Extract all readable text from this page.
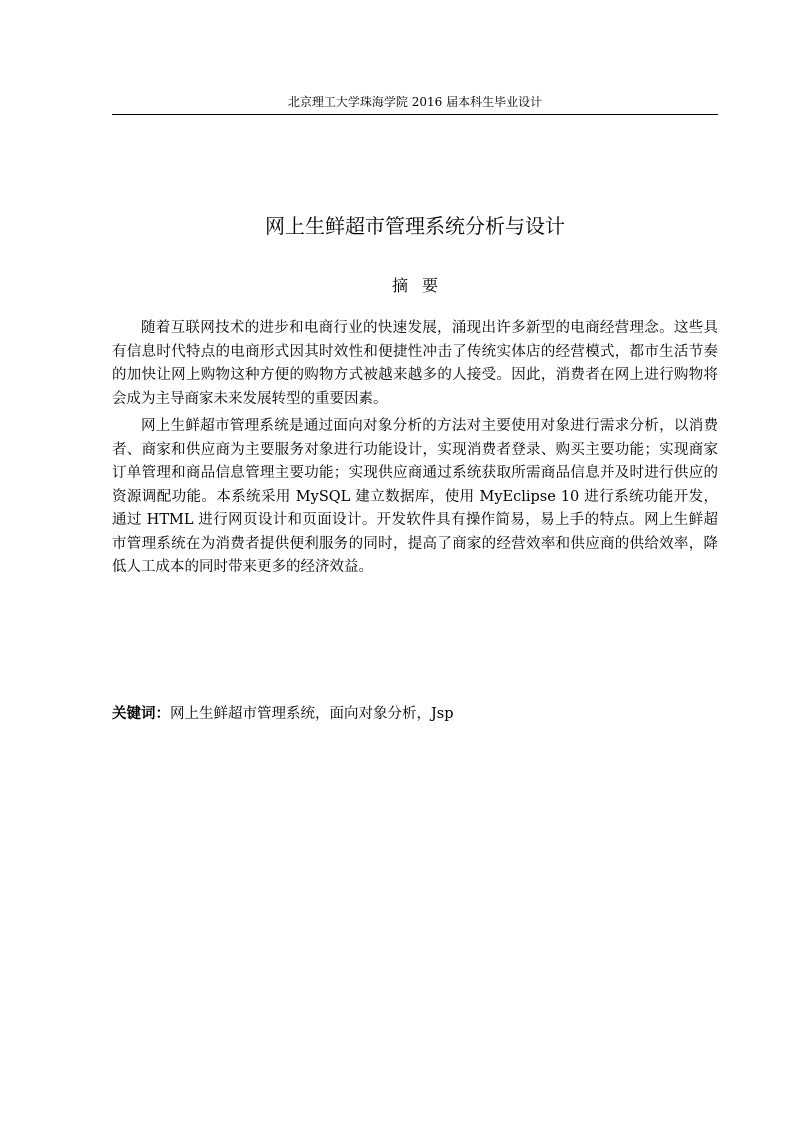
北京理工大学珠海学院 2016 届本科生毕业设计
网上生鲜超市管理系统分析与设计
摘要

随着互联网技术的进步和电商行业的快速发展，涌现出许多新型的电商经营理念。这些具有信息时代特点的电商形式因其时效性和便捷性冲击了传统实体店的经营模式，都市生活节奏的加快让网上购物这种方便的购物方式被越来越多的人接受。因此，消费者在网上进行购物将会成为主导商家未来发展转型的重要因素。

网上生鲜超市管理系统是通过面向对象分析的方法对主要使用对象进行需求分析，以消费者、商家和供应商为主要服务对象进行功能设计，实现消费者登录、购买主要功能；实现商家订单管理和商品信息管理主要功能；实现供应商通过系统获取所需商品信息并及时进行供应的资源调配功能。本系统采用 MySQL 建立数据库，使用 MyEclipse 10 进行系统功能开发，通过 HTML 进行网页设计和页面设计。开发软件具有操作简易，易上手的特点。网上生鲜超市管理系统在为消费者提供便利服务的同时，提高了商家的经营效率和供应商的供给效率，降低人工成本的同时带来更多的经济效益。

关键词：网上生鲜超市管理系统，面向对象分析，Jsp
